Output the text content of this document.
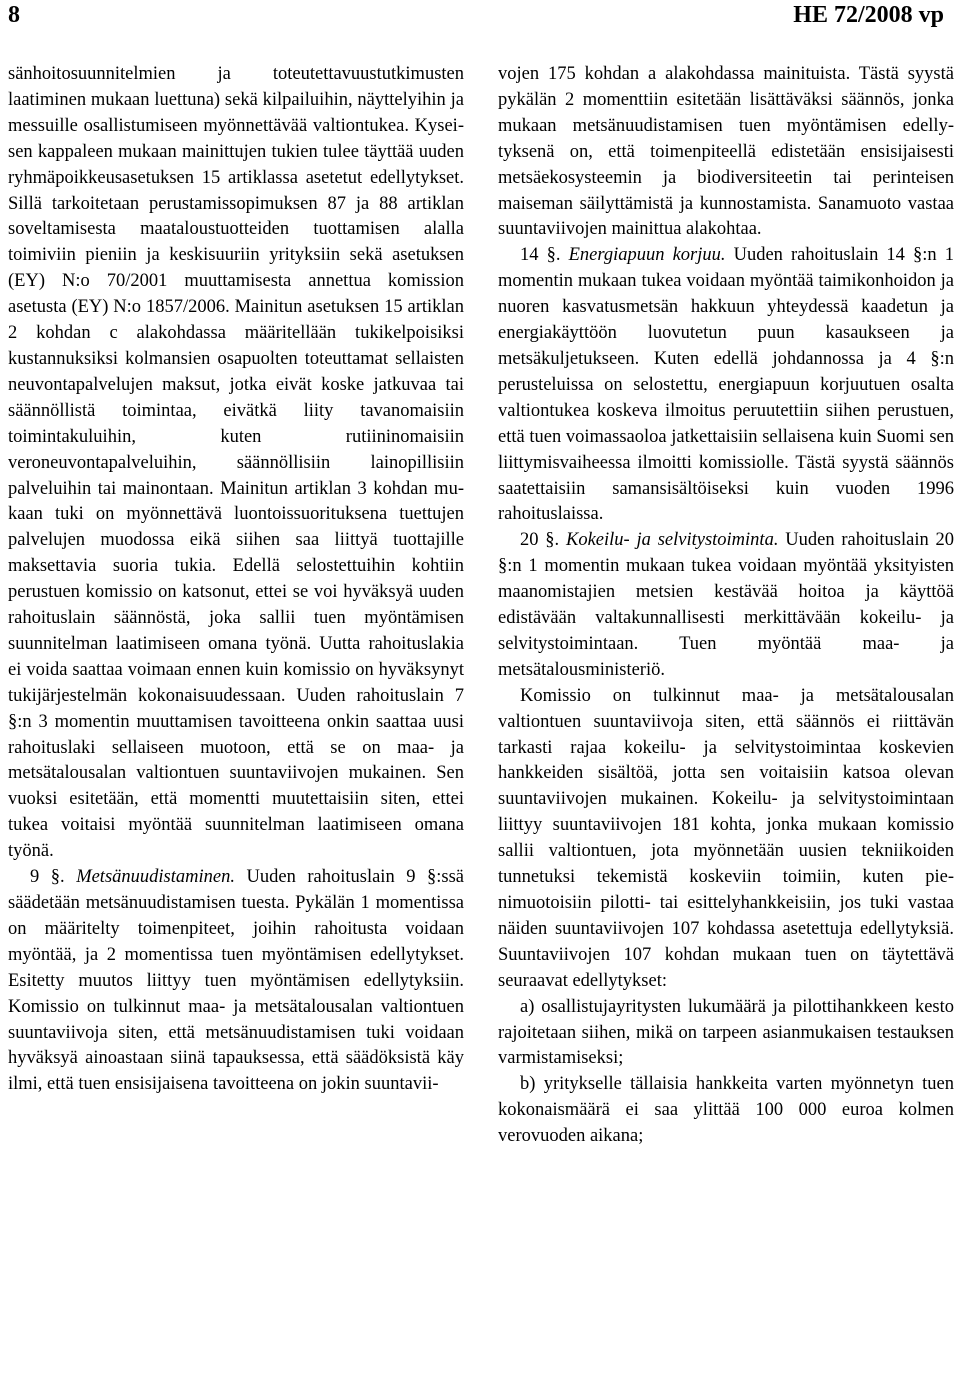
8	HE 72/2008 vp

sänhoitosuunnitelmien ja toteutettavuustutkimusten laatiminen mukaan luettuna) sekä kilpailuihin, näyttelyihin ja messuille osallistumiseen myönnettävää valtiontukea. Kyseisen kappaleen mukaan mainittujen tukien tulee täyttää uuden ryhmäpoikkeusasetuksen 15 artiklassa asetetut edellytykset. Sillä tarkoitetaan perustamissopimuksen 87 ja 88 artiklan soveltamisesta maataloustuotteiden tuottamisen alalla toimiviin pieniin ja keskisuuriin yrityksiin sekä asetuksen (EY) N:o 70/2001 muuttamisesta annettua komission asetusta (EY) N:o 1857/2006. Mainitun asetuksen 15 artiklan 2 kohdan c alakohdassa määritellään tukikelpoisiksi kustannuksiksi kolmansien osapuolten toteuttamat sellaisten neuvontapalvelujen maksut, jotka eivät koske jatkuvaa tai säännöllistä toimintaa, eivätkä liity tavanomaisiin toimintakuluihin, kuten rutiininomaisiin veroneuvontapalveluihin, säännöllisiin lainopillisiin palveluihin tai mainontaan. Mainitun artiklan 3 kohdan mukaan tuki on myönnettävä luontoissuorituksena tuettujen palvelujen muodossa eikä siihen saa liittyä tuottajille maksettavia suoria tukia. Edellä selostettuihin kohtiin perustuen komissio on katsonut, ettei se voi hyväksyä uuden rahoituslain säännöstä, joka sallii tuen myöntämisen suunnitelman laatimiseen omana työnä. Uutta rahoituslakia ei voida saattaa voimaan ennen kuin komissio on hyväksynyt tukijärjestelmän kokonaisuudessaan. Uuden rahoituslain 7 §:n 3 momentin muuttamisen tavoitteena onkin saattaa uusi rahoituslaki sellaiseen muotoon, että se on maa- ja metsätalousalan valtiontuen suuntaviivojen mukainen. Sen vuoksi esitetään, että momentti muutettaisiin siten, ettei tukea voitaisi myöntää suunnitelman laatimiseen omana työnä.

9 §. Metsänuudistaminen. Uuden rahoituslain 9 §:ssä säädetään metsänuudistamisen tuesta. Pykälän 1 momentissa on määritelty toimenpiteet, joihin rahoitusta voidaan myöntää, ja 2 momentissa tuen myöntämisen edellytykset. Esitetty muutos liittyy tuen myöntämisen edellytyksiin. Komissio on tulkinnut maa- ja metsätalousalan valtiontuen suuntaviivoja siten, että metsänuudistamisen tuki voidaan hyväksyä ainoastaan siinä tapauksessa, että säädöksistä käy ilmi, että tuen ensisijaisena tavoitteena on jokin suuntavii-

vojen 175 kohdan a alakohdassa mainituista. Tästä syystä pykälän 2 momenttiin esitetään lisättäväksi säännös, jonka mukaan metsänuudistamisen tuen myöntämisen edellytyksenä on, että toimenpiteellä edistetään ensisijaisesti metsäekosysteemin ja biodiversiteetin tai perinteisen maiseman säilyttämistä ja kunnostamista. Sanamuoto vastaa suuntaviivojen mainittua alakohtaa.

14 §. Energiapuun korjuu. Uuden rahoituslain 14 §:n 1 momentin mukaan tukea voidaan myöntää taimikonhoidon ja nuoren kasvatusmetsän hakkuun yhteydessä kaadetun ja energiakäyttöön luovutetun puun kasaukseen ja metsäkuljetukseen. Kuten edellä johdannossa ja 4 §:n perusteluissa on selostettu, energiapuun korjuutuen osalta valtiontukea koskeva ilmoitus peruutettiin siihen perustuen, että tuen voimassaoloa jatkettaisiin sellaisena kuin Suomi sen liittymisvaiheessa ilmoitti komissiolle. Tästä syystä säännös saatettaisiin samansisältöiseksi kuin vuoden 1996 rahoituslaissa.

20 §. Kokeilu- ja selvitystoiminta. Uuden rahoituslain 20 §:n 1 momentin mukaan tukea voidaan myöntää yksityisten maanomistajien metsien kestävää hoitoa ja käyttöä edistävään valtakunnallisesti merkittävään kokeilu- ja selvitystoimintaan. Tuen myöntää maa- ja metsätalousministeriö.

Komissio on tulkinnut maa- ja metsätalousalan valtiontuen suuntaviivoja siten, että säännös ei riittävän tarkasti rajaa kokeilu- ja selvitystoimintaa koskevien hankkeiden sisältöä, jotta sen voitaisiin katsoa olevan suuntaviivojen mukainen. Kokeilu- ja selvitystoimintaan liittyy suuntaviivojen 181 kohta, jonka mukaan komissio sallii valtiontuen, jota myönnetään uusien tekniikoiden tunnetuksi tekemistä koskeviin toimiin, kuten pienimuotoisiin pilotti- tai esittelyhankkeisiin, jos tuki vastaa näiden suuntaviivojen 107 kohdassa asetettuja edellytyksiä. Suuntaviivojen 107 kohdan mukaan tuen on täytettävä seuraavat edellytykset:

a) osallistujayritysten lukumäärä ja pilottihankkeen kesto rajoitetaan siihen, mikä on tarpeen asianmukaisen testauksen varmistamiseksi;

b) yritykselle tällaisia hankkeita varten myönnetyn tuen kokonaismäärä ei saa ylittää 100 000 euroa kolmen verovuoden aikana;
